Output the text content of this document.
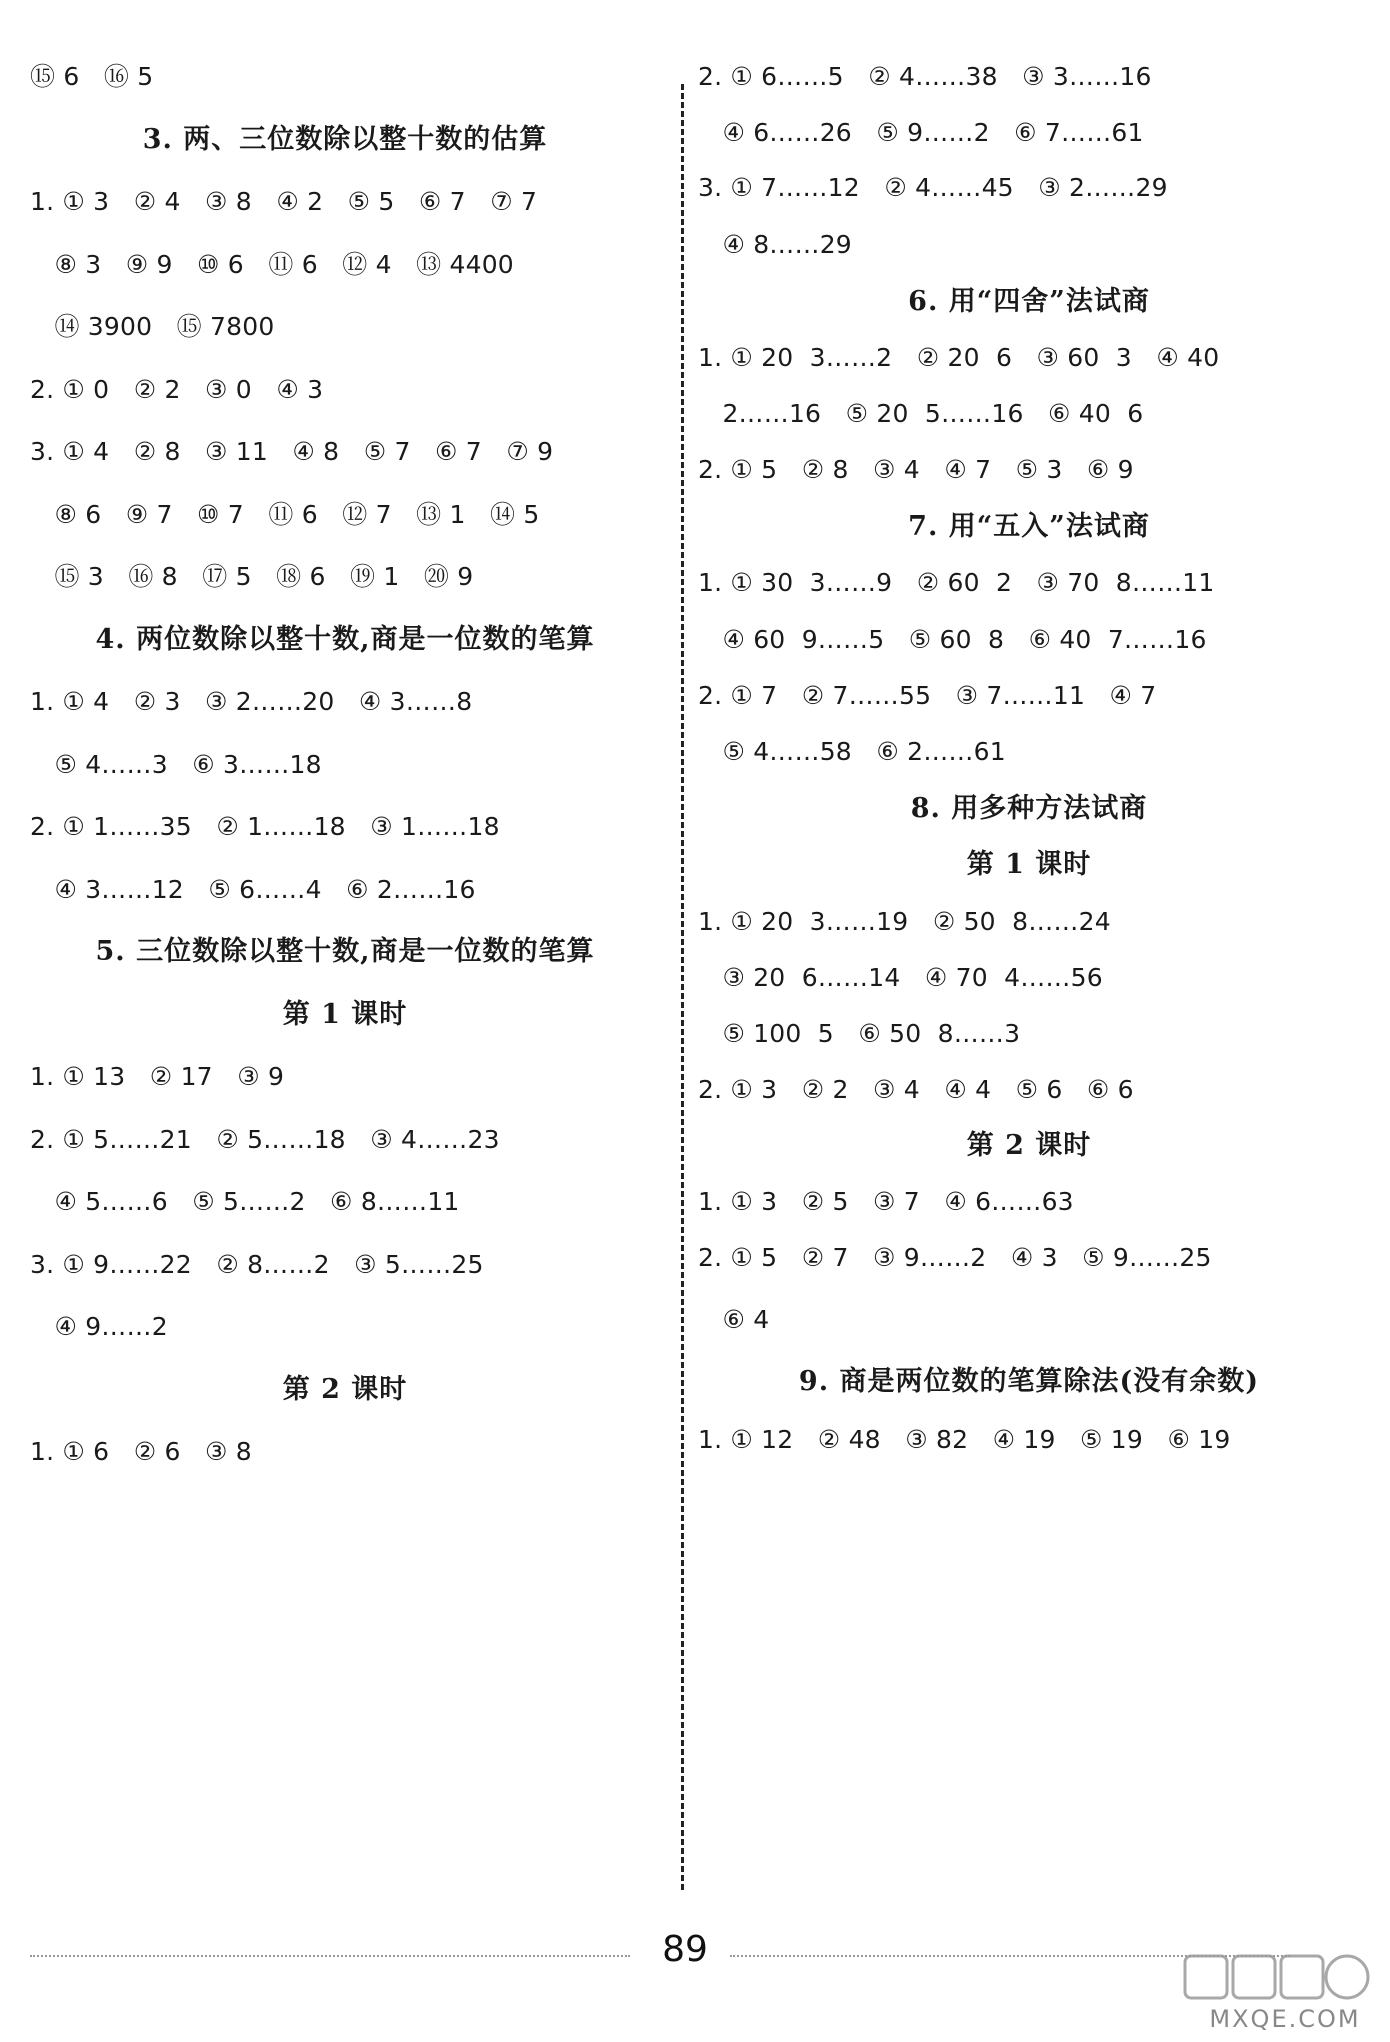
⑮ 6   ⑯ 5
3. 两、三位数除以整十数的估算
1. ① 3   ② 4   ③ 8   ④ 2   ⑤ 5   ⑥ 7   ⑦ 7
⑧ 3   ⑨ 9   ⑩ 6   ⑪ 6   ⑫ 4   ⑬ 4400
⑭ 3900   ⑮ 7800
2. ① 0   ② 2   ③ 0   ④ 3
3. ① 4   ② 8   ③ 11   ④ 8   ⑤ 7   ⑥ 7   ⑦ 9
⑧ 6   ⑨ 7   ⑩ 7   ⑪ 6   ⑫ 7   ⑬ 1   ⑭ 5
⑮ 3   ⑯ 8   ⑰ 5   ⑱ 6   ⑲ 1   ⑳ 9
4. 两位数除以整十数,商是一位数的笔算
1. ① 4   ② 3   ③ 2……20   ④ 3……8
⑤ 4……3   ⑥ 3……18
2. ① 1……35   ② 1……18   ③ 1……18
④ 3……12   ⑤ 6……4   ⑥ 2……16
5. 三位数除以整十数,商是一位数的笔算
第 1 课时
1. ① 13   ② 17   ③ 9
2. ① 5……21   ② 5……18   ③ 4……23
④ 5……6   ⑤ 5……2   ⑥ 8……11
3. ① 9……22   ② 8……2   ③ 5……25
④ 9……2
第 2 课时
1. ① 6   ② 6   ③ 8
2. ① 6……5   ② 4……38   ③ 3……16
④ 6……26   ⑤ 9……2   ⑥ 7……61
3. ① 7……12   ② 4……45   ③ 2……29
④ 8……29
6. 用“四舍”法试商
1. ① 20  3……2   ② 20  6   ③ 60  3   ④ 40
2……16   ⑤ 20  5……16   ⑥ 40  6
2. ① 5   ② 8   ③ 4   ④ 7   ⑤ 3   ⑥ 9
7. 用“五入”法试商
1. ① 30  3……9   ② 60  2   ③ 70  8……11
④ 60  9……5   ⑤ 60  8   ⑥ 40  7……16
2. ① 7   ② 7……55   ③ 7……11   ④ 7
⑤ 4……58   ⑥ 2……61
8. 用多种方法试商
第 1 课时
1. ① 20  3……19   ② 50  8……24
③ 20  6……14   ④ 70  4……56
⑤ 100  5   ⑥ 50  8……3
2. ① 3   ② 2   ③ 4   ④ 4   ⑤ 6   ⑥ 6
第 2 课时
1. ① 3   ② 5   ③ 7   ④ 6……63
2. ① 5   ② 7   ③ 9……2   ④ 3   ⑤ 9……25
⑥ 4
9. 商是两位数的笔算除法(没有余数)
1. ① 12   ② 48   ③ 82   ④ 19   ⑤ 19   ⑥ 19
89
MXQE.COM
